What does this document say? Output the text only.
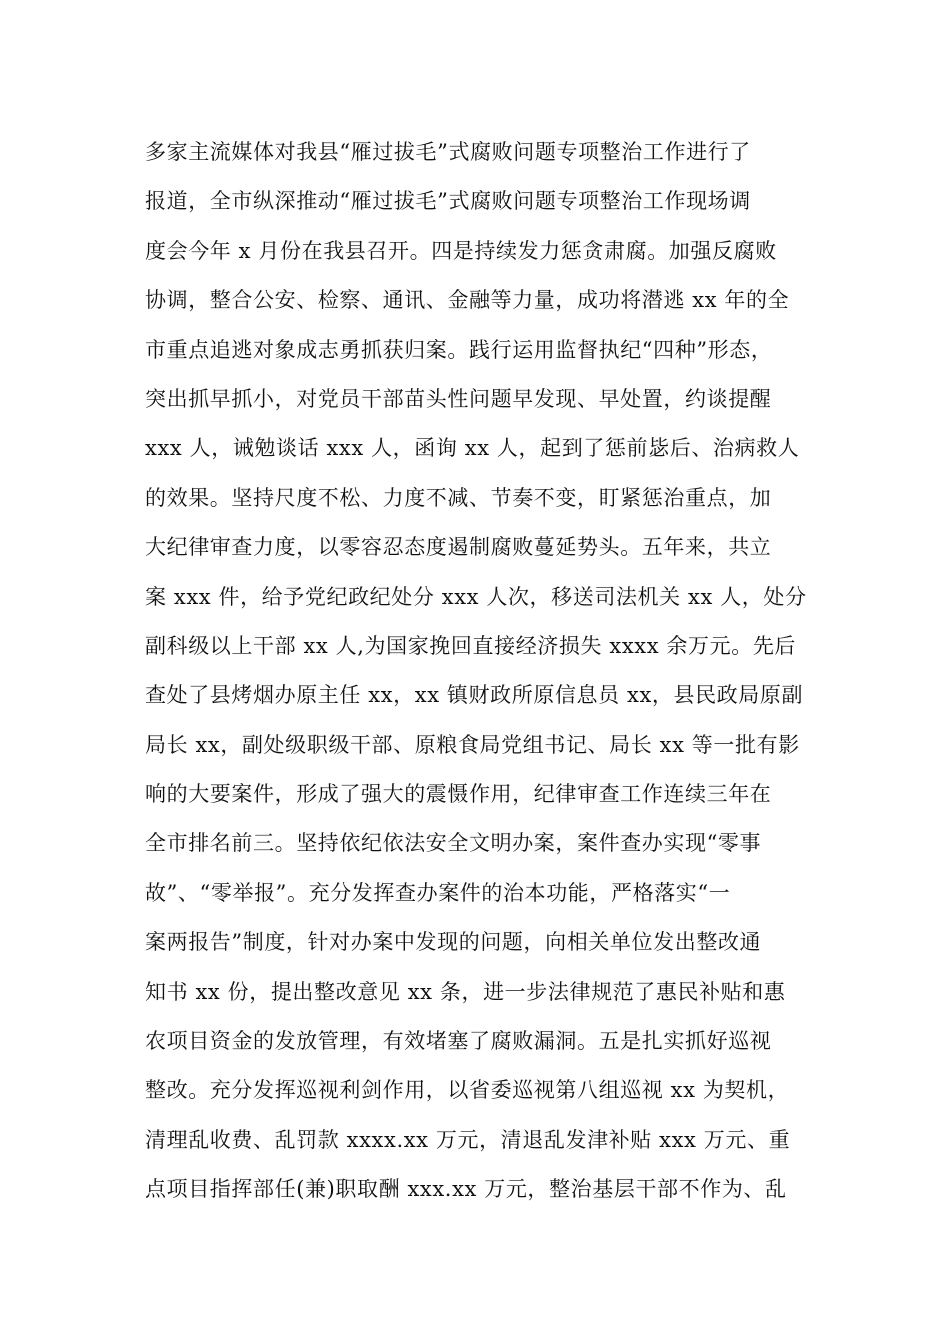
多家主流媒体对我县“雁过拔毛”式腐败问题专项整治工作进行了
报道，全市纵深推动“雁过拔毛”式腐败问题专项整治工作现场调
度会今年 x 月份在我县召开。四是持续发力惩贪肃腐。加强反腐败
协调，整合公安、检察、通讯、金融等力量，成功将潜逃 xx 年的全
市重点追逃对象成志勇抓获归案。践行运用监督执纪“四种”形态，
突出抓早抓小，对党员干部苗头性问题早发现、早处置，约谈提醒
xxx 人，诫勉谈话 xxx 人，函询 xx 人，起到了惩前毖后、治病救人
的效果。坚持尺度不松、力度不减、节奏不变，盯紧惩治重点，加
大纪律审查力度，以零容忍态度遏制腐败蔓延势头。五年来，共立
案 xxx 件，给予党纪政纪处分 xxx 人次，移送司法机关 xx 人，处分
副科级以上干部 xx 人,为国家挽回直接经济损失 xxxx 余万元。先后
查处了县烤烟办原主任 xx，xx 镇财政所原信息员 xx，县民政局原副
局长 xx，副处级职级干部、原粮食局党组书记、局长 xx 等一批有影
响的大要案件，形成了强大的震慑作用，纪律审查工作连续三年在
全市排名前三。坚持依纪依法安全文明办案，案件查办实现“零事
故”、“零举报”。充分发挥查办案件的治本功能，严格落实“一
案两报告”制度，针对办案中发现的问题，向相关单位发出整改通
知书 xx 份，提出整改意见 xx 条，进一步法律规范了惠民补贴和惠
农项目资金的发放管理，有效堵塞了腐败漏洞。五是扎实抓好巡视
整改。充分发挥巡视利剑作用，以省委巡视第八组巡视 xx 为契机，
清理乱收费、乱罚款 xxxx.xx 万元，清退乱发津补贴 xxx 万元、重
点项目指挥部任(兼)职取酬 xxx.xx 万元，整治基层干部不作为、乱
